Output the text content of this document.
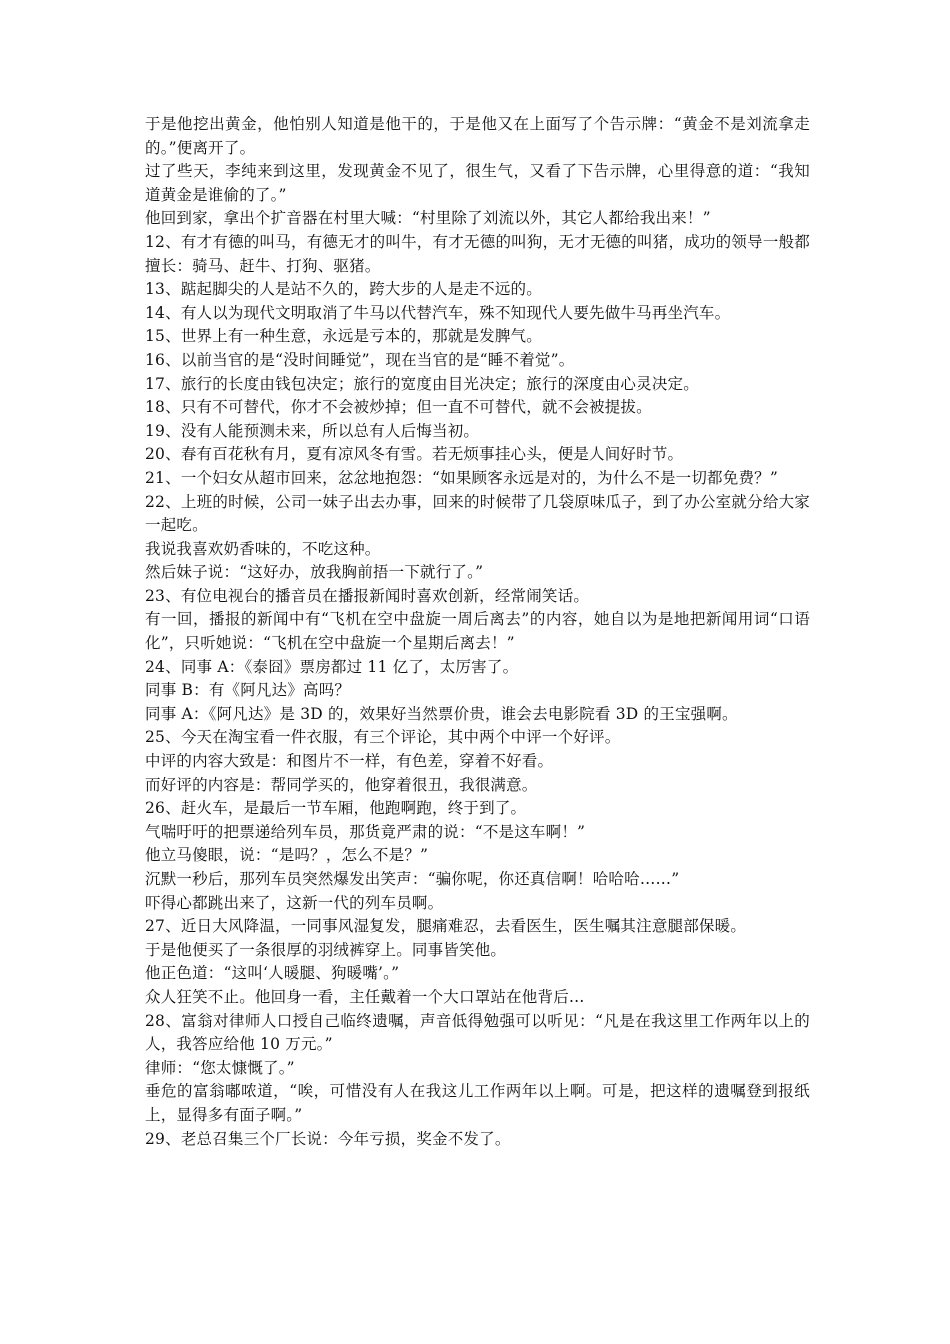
于是他挖出黄金，他怕别人知道是他干的，于是他又在上面写了个告示牌：“黄金不是刘流拿走的。”便离开了。

过了些天，李纯来到这里，发现黄金不见了，很生气，又看了下告示牌，心里得意的道：“我知道黄金是谁偷的了。”

他回到家，拿出个扩音器在村里大喊：“村里除了刘流以外，其它人都给我出来！”

12、有才有德的叫马，有德无才的叫牛，有才无德的叫狗，无才无德的叫猪，成功的领导一般都擅长：骑马、赶牛、打狗、驱猪。

13、踮起脚尖的人是站不久的，跨大步的人是走不远的。

14、有人以为现代文明取消了牛马以代替汽车，殊不知现代人要先做牛马再坐汽车。

15、世界上有一种生意，永远是亏本的，那就是发脾气。

16、以前当官的是“没时间睡觉”，现在当官的是“睡不着觉”。

17、旅行的长度由钱包决定；旅行的宽度由目光决定；旅行的深度由心灵决定。

18、只有不可替代，你才不会被炒掉；但一直不可替代，就不会被提拔。

19、没有人能预测未来，所以总有人后悔当初。

20、春有百花秋有月，夏有凉风冬有雪。若无烦事挂心头，便是人间好时节。

21、一个妇女从超市回来，忿忿地抱怨：“如果顾客永远是对的，为什么不是一切都免费？”

22、上班的时候，公司一妹子出去办事，回来的时候带了几袋原味瓜子，到了办公室就分给大家一起吃。

我说我喜欢奶香味的，不吃这种。

然后妹子说：“这好办，放我胸前捂一下就行了。”

23、有位电视台的播音员在播报新闻时喜欢创新，经常闹笑话。

有一回，播报的新闻中有“飞机在空中盘旋一周后离去”的内容，她自以为是地把新闻用词“口语化”，只听她说：“飞机在空中盘旋一个星期后离去！”

24、同事 A：《泰囧》票房都过 11 亿了，太厉害了。

同事 B：有《阿凡达》高吗？

同事 A：《阿凡达》是 3D 的，效果好当然票价贵，谁会去电影院看 3D 的王宝强啊。

25、今天在淘宝看一件衣服，有三个评论，其中两个中评一个好评。

中评的内容大致是：和图片不一样，有色差，穿着不好看。

而好评的内容是：帮同学买的，他穿着很丑，我很满意。

26、赶火车，是最后一节车厢，他跑啊跑，终于到了。

气喘吁吁的把票递给列车员，那货竟严肃的说：“不是这车啊！”

他立马傻眼，说：“是吗？，怎么不是？”

沉默一秒后，那列车员突然爆发出笑声：“骗你呢，你还真信啊！哈哈哈……”

吓得心都跳出来了，这新一代的列车员啊。

27、近日大风降温，一同事风湿复发，腿痛难忍，去看医生，医生嘱其注意腿部保暖。

于是他便买了一条很厚的羽绒裤穿上。同事皆笑他。

他正色道：“这叫‘人暖腿、狗暖嘴’。”

众人狂笑不止。他回身一看，主任戴着一个大口罩站在他背后…

28、富翁对律师人口授自己临终遗嘱，声音低得勉强可以听见：“凡是在我这里工作两年以上的人，我答应给他 10 万元。”

律师：“您太慷慨了。”

垂危的富翁嘟哝道，“唉，可惜没有人在我这儿工作两年以上啊。可是，把这样的遗嘱登到报纸上，显得多有面子啊。”

29、老总召集三个厂长说：今年亏损，奖金不发了。
